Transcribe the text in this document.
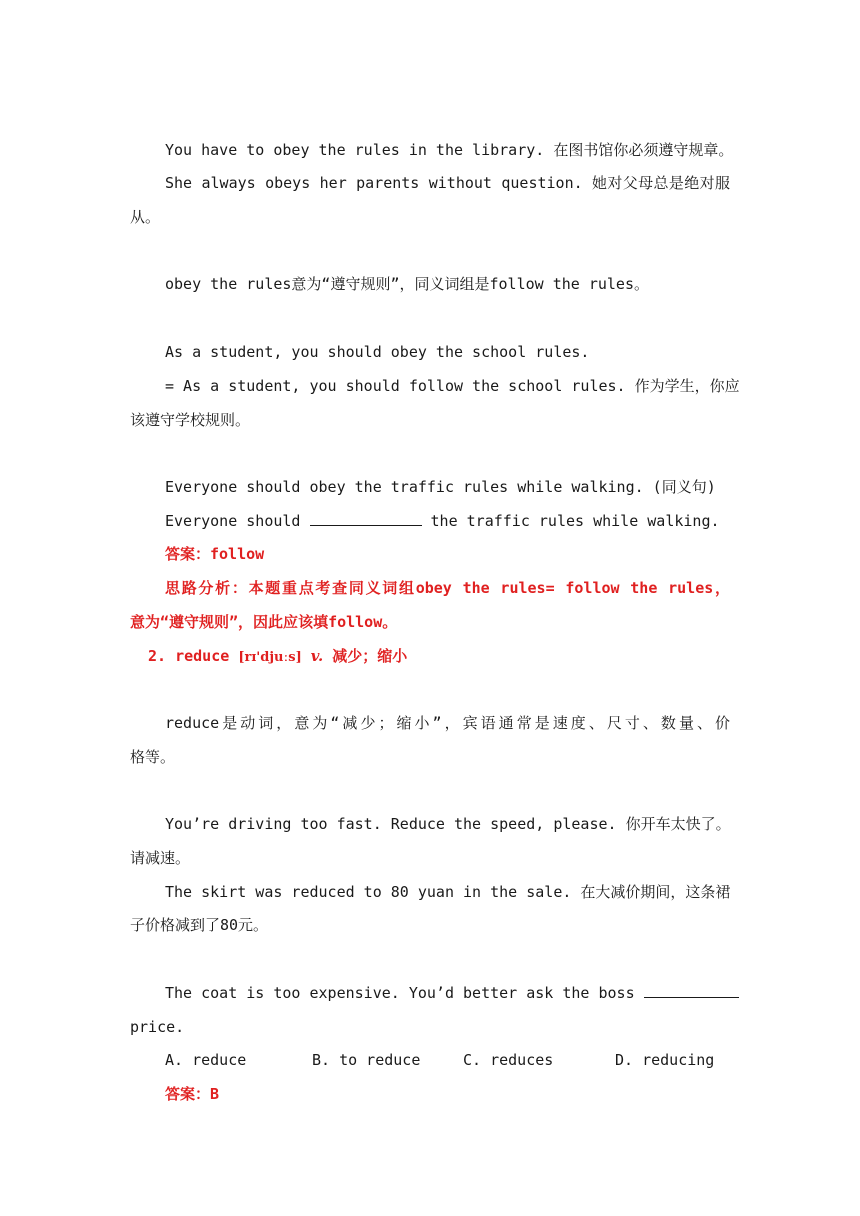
You have to obey the rules in the library. 在图书馆你必须遵守规章。
She always obeys her parents without question. 她对父母总是绝对服
从。
obey the rules意为“遵守规则”，同义词组是follow the rules。
As a student, you should obey the school rules.
= As a student, you should follow the school rules. 作为学生，你应
该遵守学校规则。
Everyone should obey the traffic rules while walking. (同义句)
Everyone should	the traffic rules while walking.
答案：follow
思路分析：本题重点考查同义词组obey the rules= follow the rules，
意为“遵守规则”，因此应该填follow。
2. reduce [rɪ'djuːs] v. 减少；缩小
reduce是动词，意为“减少；缩小”，宾语通常是速度、尺寸、数量、价
格等。
You’re driving too fast. Reduce the speed, please. 你开车太快了。
请减速。
The skirt was reduced to 80 yuan in the sale. 在大减价期间，这条裙
子价格减到了80元。
The coat is too expensive. You’d better ask the boss
price.
A. reduce	B. to reduce	C. reduces	D. reducing
答案：B
